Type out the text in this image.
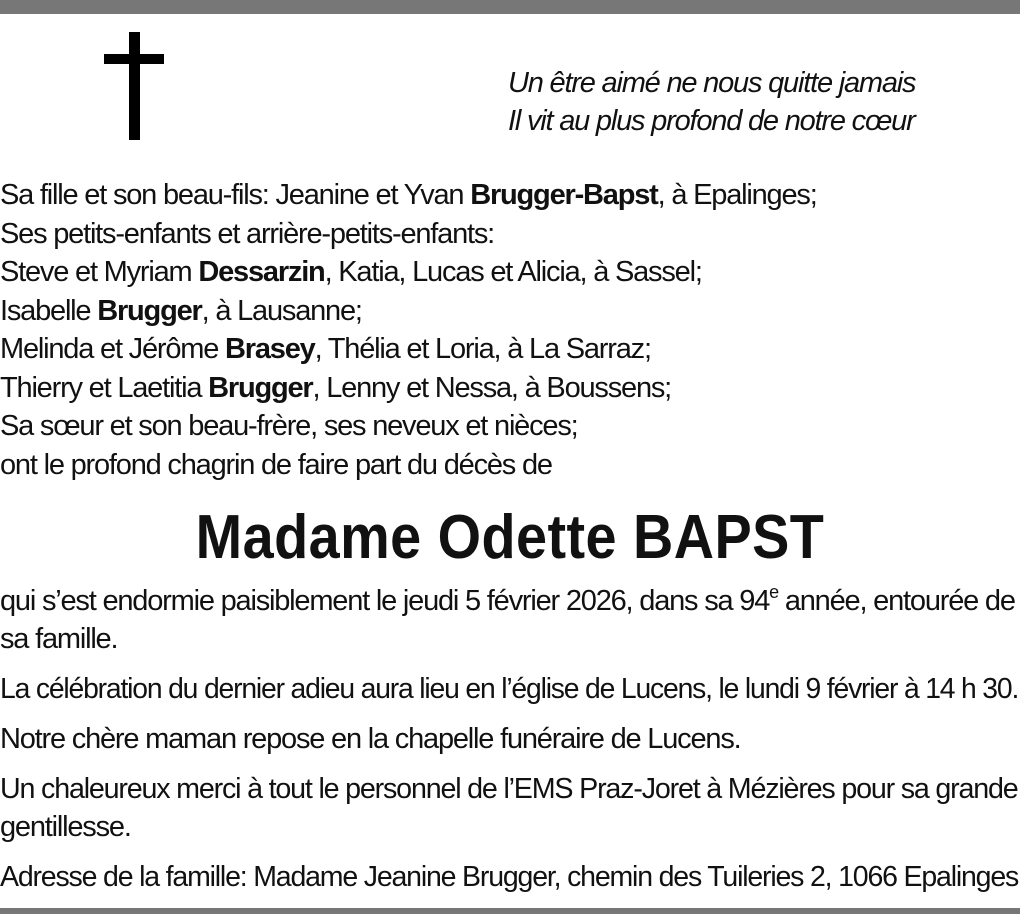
Un être aimé ne nous quitte jamais
Il vit au plus profond de notre cœur
Sa fille et son beau-fils: Jeanine et Yvan Brugger-Bapst, à Epalinges;
Ses petits-enfants et arrière-petits-enfants:
Steve et Myriam Dessarzin, Katia, Lucas et Alicia, à Sassel;
Isabelle Brugger, à Lausanne;
Melinda et Jérôme Brasey, Thélia et Loria, à La Sarraz;
Thierry et Laetitia Brugger, Lenny et Nessa, à Boussens;
Sa sœur et son beau-frère, ses neveux et nièces;
ont le profond chagrin de faire part du décès de
Madame Odette BAPST

qui s’est endormie paisiblement le jeudi 5 février 2026, dans sa 94e année, entourée de
sa famille.

La célébration du dernier adieu aura lieu en l’église de Lucens, le lundi 9 février à 14 h 30.

Notre chère maman repose en la chapelle funéraire de Lucens.

Un chaleureux merci à tout le personnel de l’EMS Praz-Joret à Mézières pour sa grande
gentillesse.

Adresse de la famille: Madame Jeanine Brugger, chemin des Tuileries 2, 1066 Epalinges
